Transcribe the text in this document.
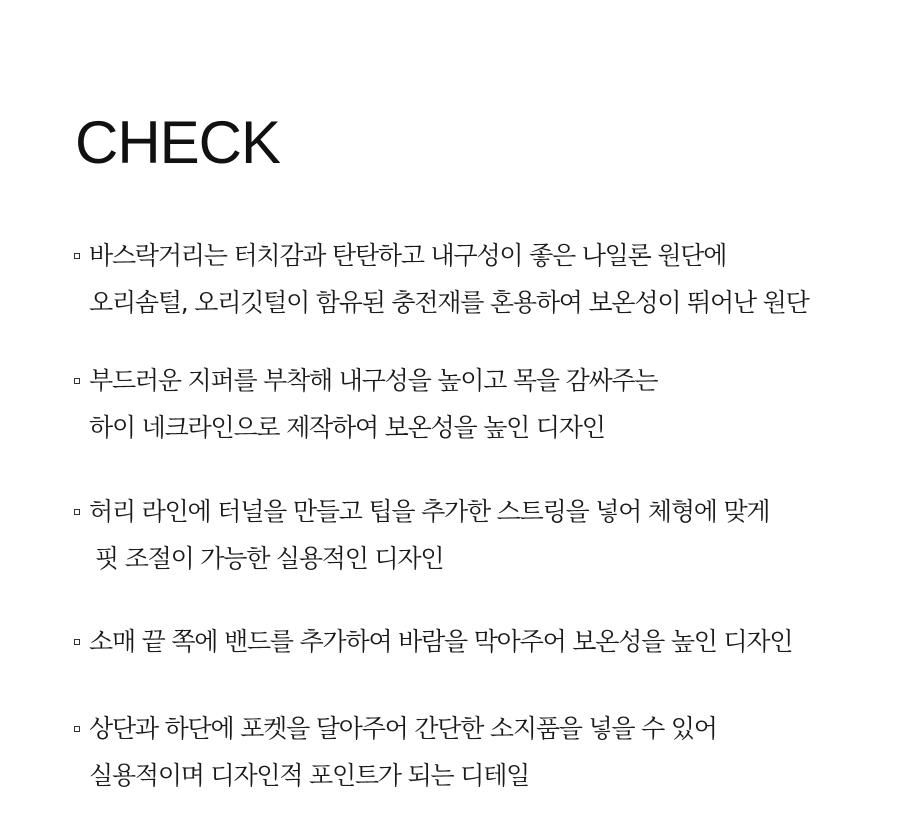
CHECK
바스락거리는 터치감과 탄탄하고 내구성이 좋은 나일론 원단에
오리솜털, 오리깃털이 함유된 충전재를 혼용하여 보온성이 뛰어난 원단
부드러운 지퍼를 부착해 내구성을 높이고 목을 감싸주는
하이 네크라인으로 제작하여 보온성을 높인 디자인
허리 라인에 터널을 만들고 팁을 추가한 스트링을 넣어 체형에 맞게
핏 조절이 가능한 실용적인 디자인
소매 끝 쪽에 밴드를 추가하여 바람을 막아주어 보온성을 높인 디자인
상단과 하단에 포켓을 달아주어 간단한 소지품을 넣을 수 있어
실용적이며 디자인적 포인트가 되는 디테일
